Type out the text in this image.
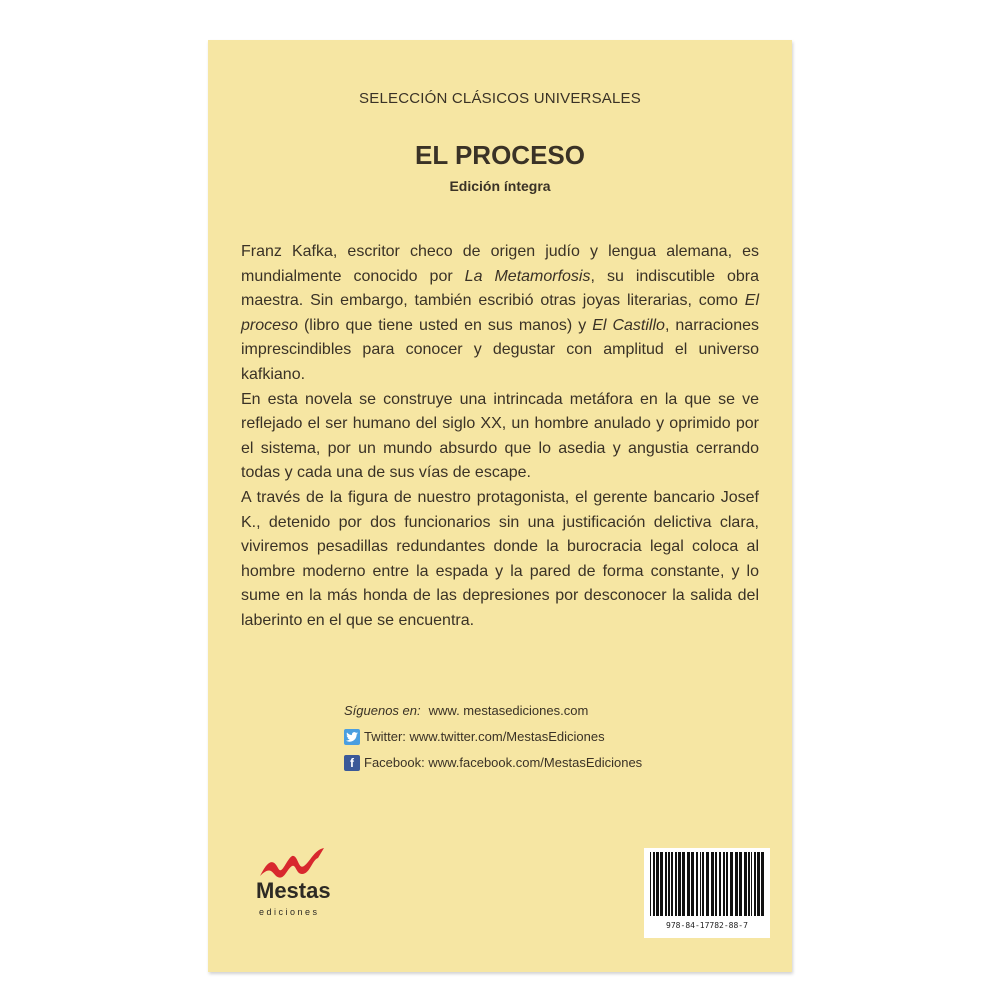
SELECCIÓN CLÁSICOS UNIVERSALES
EL PROCESO
Edición íntegra

Franz Kafka, escritor checo de origen judío y lengua alemana, es mundialmente conocido por La Metamorfosis, su indiscutible obra maestra. Sin embargo, también escribió otras joyas literarias, como El proceso (libro que tiene usted en sus manos) y El Castillo, narraciones imprescindibles para conocer y degustar con amplitud el universo kafkiano.

En esta novela se construye una intrincada metáfora en la que se ve reflejado el ser humano del siglo XX, un hombre anulado y oprimido por el sistema, por un mundo absurdo que lo asedia y angustia cerrando todas y cada una de sus vías de escape.

A través de la figura de nuestro protagonista, el gerente bancario Josef K., detenido por dos funcionarios sin una justificación delictiva clara, viviremos pesadillas redundantes donde la burocracia legal coloca al hombre moderno entre la espada y la pared de forma constante, y lo sume en la más honda de las depresiones por desconocer la salida del laberinto en el que se encuentra.

Síguenos en: www. mestasediciones.com
Twitter: www.twitter.com/MestasEdiciones
f Facebook: www.facebook.com/MestasEdiciones
Mestas
ediciones
978-84-17782-88-7
